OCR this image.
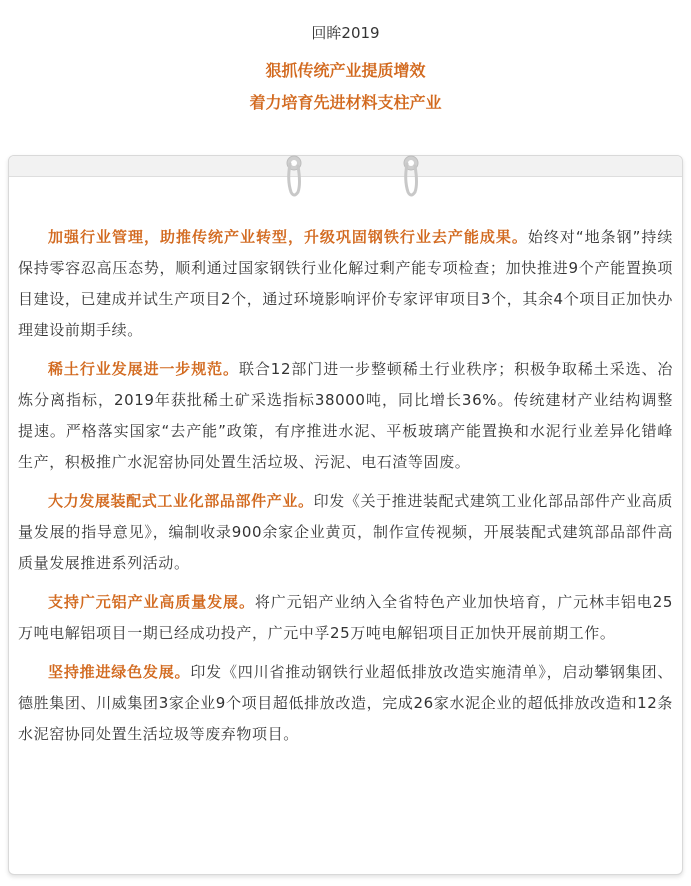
回眸2019
狠抓传统产业提质增效
着力培育先进材料支柱产业

加强行业管理，助推传统产业转型，升级巩固钢铁行业去产能成果。始终对“地条钢”持续保持零容忍高压态势，顺利通过国家钢铁行业化解过剩产能专项检查；加快推进9个产能置换项目建设，已建成并试生产项目2个，通过环境影响评价专家评审项目3个，其余4个项目正加快办理建设前期手续。

稀土行业发展进一步规范。联合12部门进一步整顿稀土行业秩序；积极争取稀土采选、冶炼分离指标，2019年获批稀土矿采选指标38000吨，同比增长36%。传统建材产业结构调整提速。严格落实国家“去产能”政策，有序推进水泥、平板玻璃产能置换和水泥行业差异化错峰生产，积极推广水泥窑协同处置生活垃圾、污泥、电石渣等固废。

大力发展装配式工业化部品部件产业。印发《关于推进装配式建筑工业化部品部件产业高质量发展的指导意见》，编制收录900余家企业黄页，制作宣传视频，开展装配式建筑部品部件高质量发展推进系列活动。

支持广元铝产业高质量发展。将广元铝产业纳入全省特色产业加快培育，广元林丰铝电25万吨电解铝项目一期已经成功投产，广元中孚25万吨电解铝项目正加快开展前期工作。

坚持推进绿色发展。印发《四川省推动钢铁行业超低排放改造实施清单》，启动攀钢集团、德胜集团、川威集团3家企业9个项目超低排放改造，完成26家水泥企业的超低排放改造和12条水泥窑协同处置生活垃圾等废弃物项目。
